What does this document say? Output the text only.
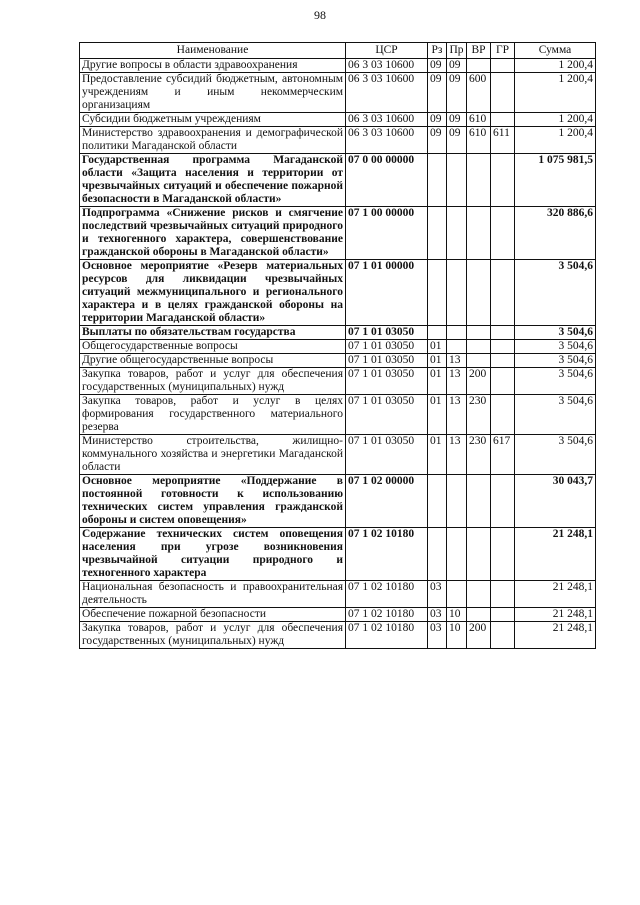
98
Наименование	ЦСР	Рз	Пр	ВР	ГР	Сумма
Другие вопросы в области здравоохранения	06 3 03 10600	09	09			1 200,4
Предоставление субсидий бюджетным, автономным учреждениям и иным некоммерческим организациям	06 3 03 10600	09	09	600		1 200,4
Субсидии бюджетным учреждениям	06 3 03 10600	09	09	610		1 200,4
Министерство здравоохранения и демографической политики Магаданской области	06 3 03 10600	09	09	610	611	1 200,4
Государственная программа Магаданской области «Защита населения и территории от чрезвычайных ситуаций и обеспечение пожарной безопасности в Магаданской области»	07 0 00 00000					1 075 981,5
Подпрограмма «Снижение рисков и смягчение последствий чрезвычайных ситуаций природного и техногенного характера, совершенствование гражданской обороны в Магаданской области»	07 1 00 00000					320 886,6
Основное мероприятие «Резерв материальных ресурсов для ликвидации чрезвычайных ситуаций межмуниципального и регионального характера и в целях гражданской обороны на территории Магаданской области»	07 1 01 00000					3 504,6
Выплаты по обязательствам государства	07 1 01 03050					3 504,6
Общегосударственные вопросы	07 1 01 03050	01				3 504,6
Другие общегосударственные вопросы	07 1 01 03050	01	13			3 504,6
Закупка товаров, работ и услуг для обеспечения государственных (муниципальных) нужд	07 1 01 03050	01	13	200		3 504,6
Закупка товаров, работ и услуг в целях формирования государственного материального резерва	07 1 01 03050	01	13	230		3 504,6
Министерство строительства, жилищно-коммунального хозяйства и энергетики Магаданской области	07 1 01 03050	01	13	230	617	3 504,6
Основное мероприятие «Поддержание в постоянной готовности к использованию технических систем управления гражданской обороны и систем оповещения»	07 1 02 00000					30 043,7
Содержание технических систем оповещения населения при угрозе возникновения чрезвычайной ситуации природного и техногенного характера	07 1 02 10180					21 248,1
Национальная безопасность и правоохранительная деятельность	07 1 02 10180	03				21 248,1
Обеспечение пожарной безопасности	07 1 02 10180	03	10			21 248,1
Закупка товаров, работ и услуг для обеспечения государственных (муниципальных) нужд	07 1 02 10180	03	10	200		21 248,1
